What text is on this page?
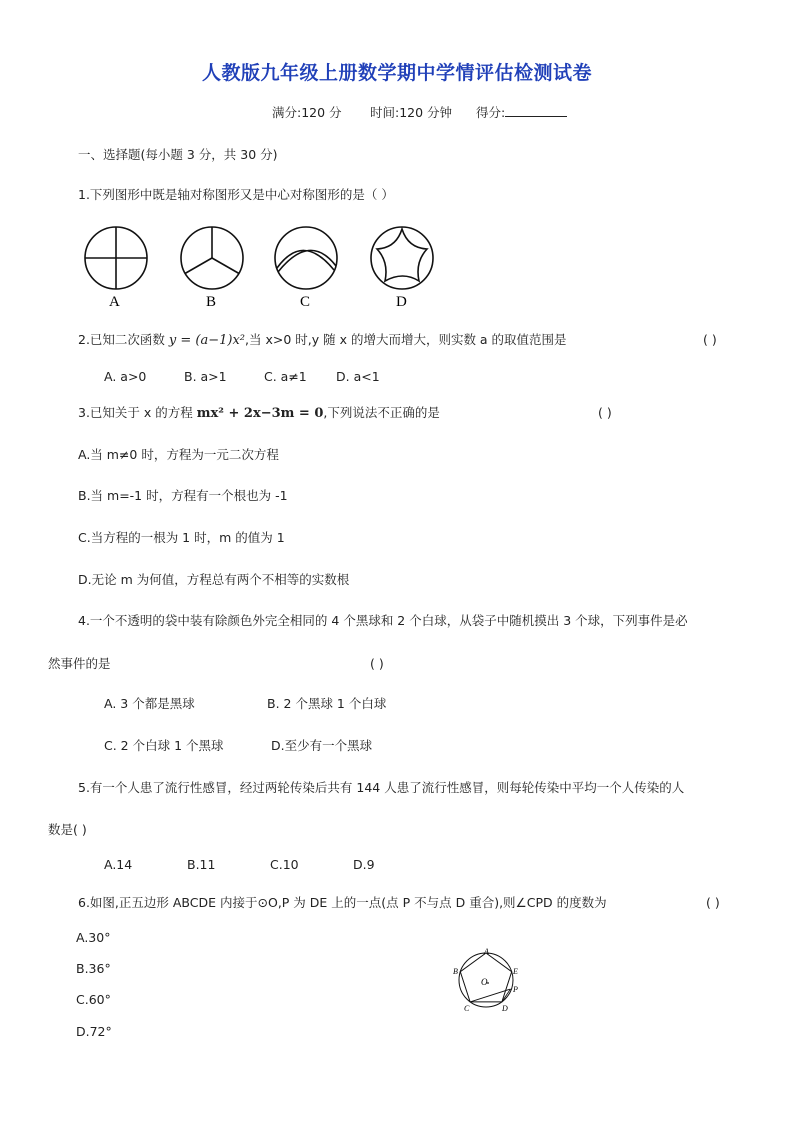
人教版九年级上册数学期中学情评估检测试卷
满分:120 分 时间:120 分钟 得分:
一、选择题(每小题 3 分，共 30 分)
1.下列图形中既是轴对称图形又是中心对称图形的是（ ）
A	B	C	D
2.已知二次函数 y = (a−1)x²,当 x>0 时,y 随 x 的增大而增大，则实数 a 的取值范围是	( )
A. a>0	B. a>1	C. a≠1 D. a<1
3.已知关于 x 的方程 mx² + 2x−3m = 0,下列说法不正确的是	( )
A.当 m≠0 时，方程为一元二次方程
B.当 m=-1 时，方程有一个根也为 -1
C.当方程的一根为 1 时，m 的值为 1
D.无论 m 为何值，方程总有两个不相等的实数根
4.一个不透明的袋中装有除颜色外完全相同的 4 个黑球和 2 个白球，从袋子中随机摸出 3 个球，下列事件是必
然事件的是	( )
A. 3 个都是黑球	B. 2 个黑球 1 个白球
C. 2 个白球 1 个黑球	D.至少有一个黑球
5.有一个人患了流行性感冒，经过两轮传染后共有 144 人患了流行性感冒，则每轮传染中平均一个人传染的人
数是( )
A.14	B.11	C.10	D.9
6.如图,正五边形 ABCDE 内接于⊙O,P 为 DE 上的一点(点 P 不与点 D 重合),则∠CPD 的度数为	( )
A.30°
B.36°
C.60°
D.72°
A
B
C	D
E
P
O
